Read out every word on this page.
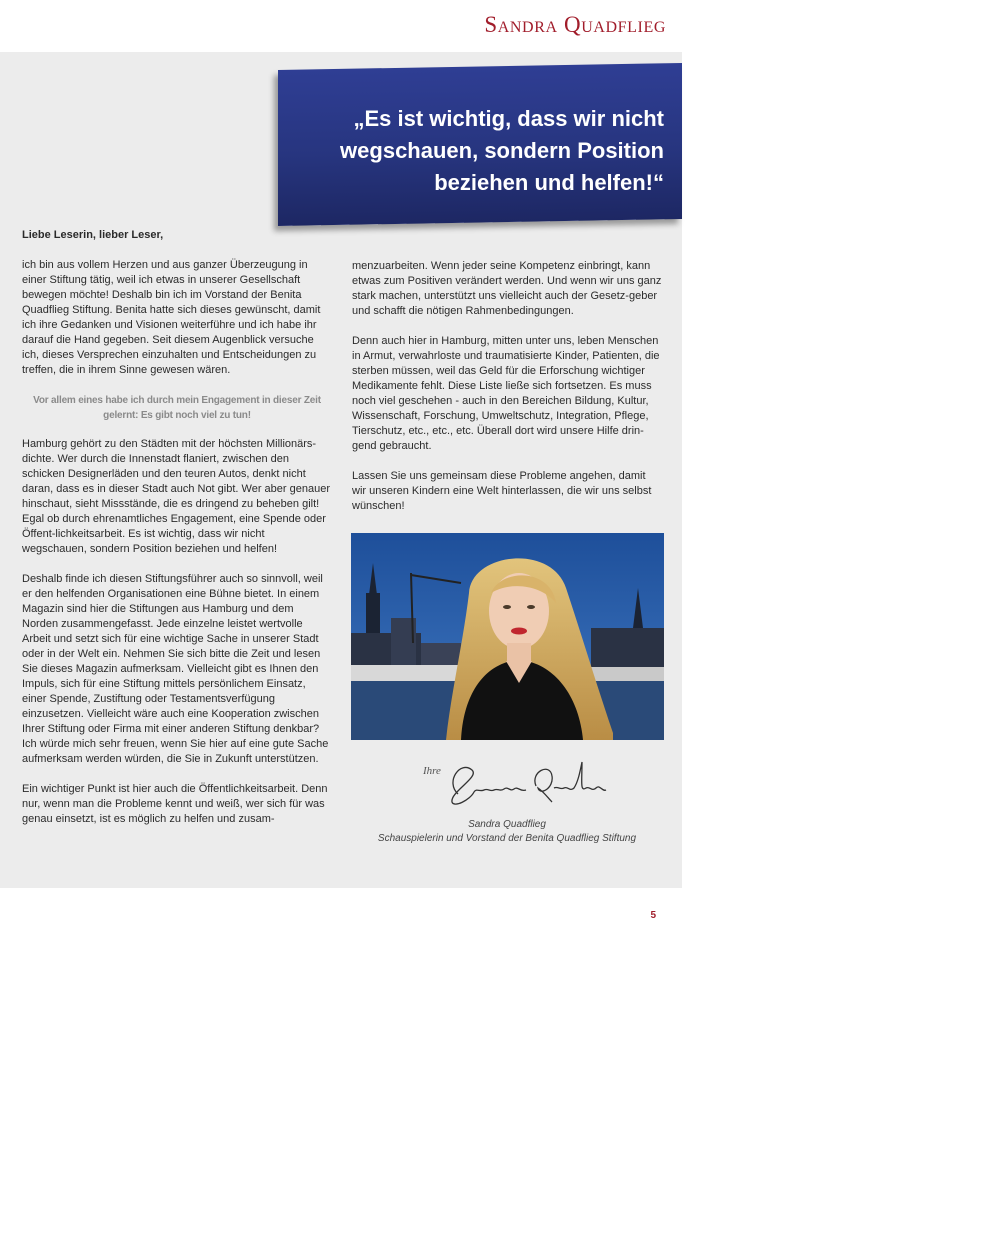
Sandra Quadflieg
„Es ist wichtig, dass wir nicht wegschauen, sondern Position beziehen und helfen!“

Liebe Leserin, lieber Leser,

ich bin aus vollem Herzen und aus ganzer Überzeugung in einer Stiftung tätig, weil ich etwas in unserer Gesellschaft bewegen möchte! Deshalb bin ich im Vorstand der Benita Quadflieg Stiftung. Benita hatte sich dieses gewünscht, damit ich ihre Gedanken und Visionen weiterführe und ich habe ihr darauf die Hand gegeben. Seit diesem Augenblick versuche ich, dieses Versprechen einzuhalten und Entscheidungen zu treffen, die in ihrem Sinne gewesen wären.

Vor allem eines habe ich durch mein Engagement in dieser Zeit gelernt: Es gibt noch viel zu tun!

Hamburg gehört zu den Städten mit der höchsten Millionärs-dichte. Wer durch die Innenstadt flaniert, zwischen den schicken Designerläden und den teuren Autos, denkt nicht daran, dass es in dieser Stadt auch Not gibt. Wer aber genauer hinschaut, sieht Missstände, die es dringend zu beheben gilt! Egal ob durch ehrenamtliches Engagement, eine Spende oder Öffent-lichkeitsarbeit. Es ist wichtig, dass wir nicht wegschauen, sondern Position beziehen und helfen!

Deshalb finde ich diesen Stiftungsführer auch so sinnvoll, weil er den helfenden Organisationen eine Bühne bietet. In einem Magazin sind hier die Stiftungen aus Hamburg und dem Norden zusammengefasst. Jede einzelne leistet wertvolle Arbeit und setzt sich für eine wichtige Sache in unserer Stadt oder in der Welt ein. Nehmen Sie sich bitte die Zeit und lesen Sie dieses Magazin aufmerksam. Vielleicht gibt es Ihnen den Impuls, sich für eine Stiftung mittels persönlichem Einsatz, einer Spende, Zustiftung oder Testamentsverfügung einzusetzen. Vielleicht wäre auch eine Kooperation zwischen Ihrer Stiftung oder Firma mit einer anderen Stiftung denkbar? Ich würde mich sehr freuen, wenn Sie hier auf eine gute Sache aufmerksam werden würden, die Sie in Zukunft unterstützen.

Ein wichtiger Punkt ist hier auch die Öffentlichkeitsarbeit. Denn nur, wenn man die Probleme kennt und weiß, wer sich für was genau einsetzt, ist es möglich zu helfen und zusam-

menzuarbeiten. Wenn jeder seine Kompetenz einbringt, kann etwas zum Positiven verändert werden. Und wenn wir uns ganz stark machen, unterstützt uns vielleicht auch der Gesetz-geber und schafft die nötigen Rahmenbedingungen.

Denn auch hier in Hamburg, mitten unter uns, leben Menschen in Armut, verwahrloste und traumatisierte Kinder, Patienten, die sterben müssen, weil das Geld für die Erforschung wichtiger Medikamente fehlt. Diese Liste ließe sich fortsetzen. Es muss noch viel geschehen - auch in den Bereichen Bildung, Kultur, Wissenschaft, Forschung, Umweltschutz, Integration, Pflege, Tierschutz, etc., etc., etc. Überall dort wird unsere Hilfe drin-gend gebraucht.

Lassen Sie uns gemeinsam diese Probleme angehen, damit wir unseren Kindern eine Welt hinterlassen, die wir uns selbst wünschen!

© Christian Barz
Ihre
Sandra Quadflieg
Schauspielerin und Vorstand der Benita Quadflieg Stiftung
5
